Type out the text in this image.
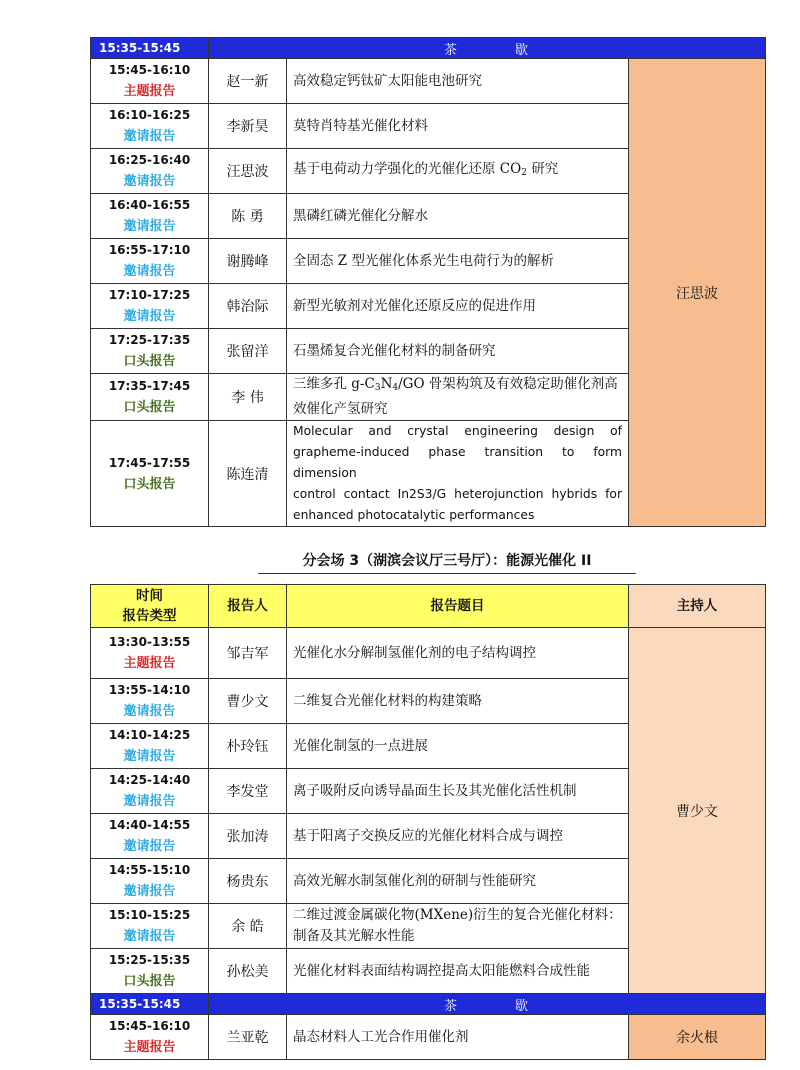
15:35-15:45	茶 歇		

15:45-16:10
主题报告	赵一新	高效稳定钙钛矿太阳能电池研究	汪思波

16:10-16:25
邀请报告	李新昊	莫特肖特基光催化材料	

16:25-16:40
邀请报告	汪思波	基于电荷动力学强化的光催化还原 CO2 研究	

16:40-16:55
邀请报告	陈 勇	黑磷红磷光催化分解水	

16:55-17:10
邀请报告	谢腾峰	全固态 Z 型光催化体系光生电荷行为的解析	

17:10-17:25
邀请报告	韩治际	新型光敏剂对光催化还原反应的促进作用	

17:25-17:35
口头报告	张留洋	石墨烯复合光催化材料的制备研究	

17:35-17:45
口头报告	李 伟	三维多孔 g-C3N4/GO 骨架构筑及有效稳定助催化剂高效催化产氢研究	

17:45-17:55
口头报告	陈连清	Molecular and crystal engineering design of
grapheme-induced phase transition to form dimension
control contact In2S3/G heterojunction hybrids for
enhanced photocatalytic performances	
分会场 3（湖滨会议厅三号厅）：能源光催化 II
时间
报告类型	报告人	报告题目	主持人

13:30-13:55
主题报告	邹吉军	光催化水分解制氢催化剂的电子结构调控	曹少文

13:55-14:10
邀请报告	曹少文	二维复合光催化材料的构建策略	

14:10-14:25
邀请报告	朴玲钰	光催化制氢的一点进展	

14:25-14:40
邀请报告	李发堂	离子吸附反向诱导晶面生长及其光催化活性机制	

14:40-14:55
邀请报告	张加涛	基于阳离子交换反应的光催化材料合成与调控	

14:55-15:10
邀请报告	杨贵东	高效光解水制氢催化剂的研制与性能研究	

15:10-15:25
邀请报告	余 皓	二维过渡金属碳化物(MXene)衍生的复合光催化材料：制备及其光解水性能	

15:25-15:35
口头报告	孙松美	光催化材料表面结构调控提高太阳能燃料合成性能	
15:35-15:45	茶 歇		

15:45-16:10
主题报告	兰亚乾	晶态材料人工光合作用催化剂	余火根
